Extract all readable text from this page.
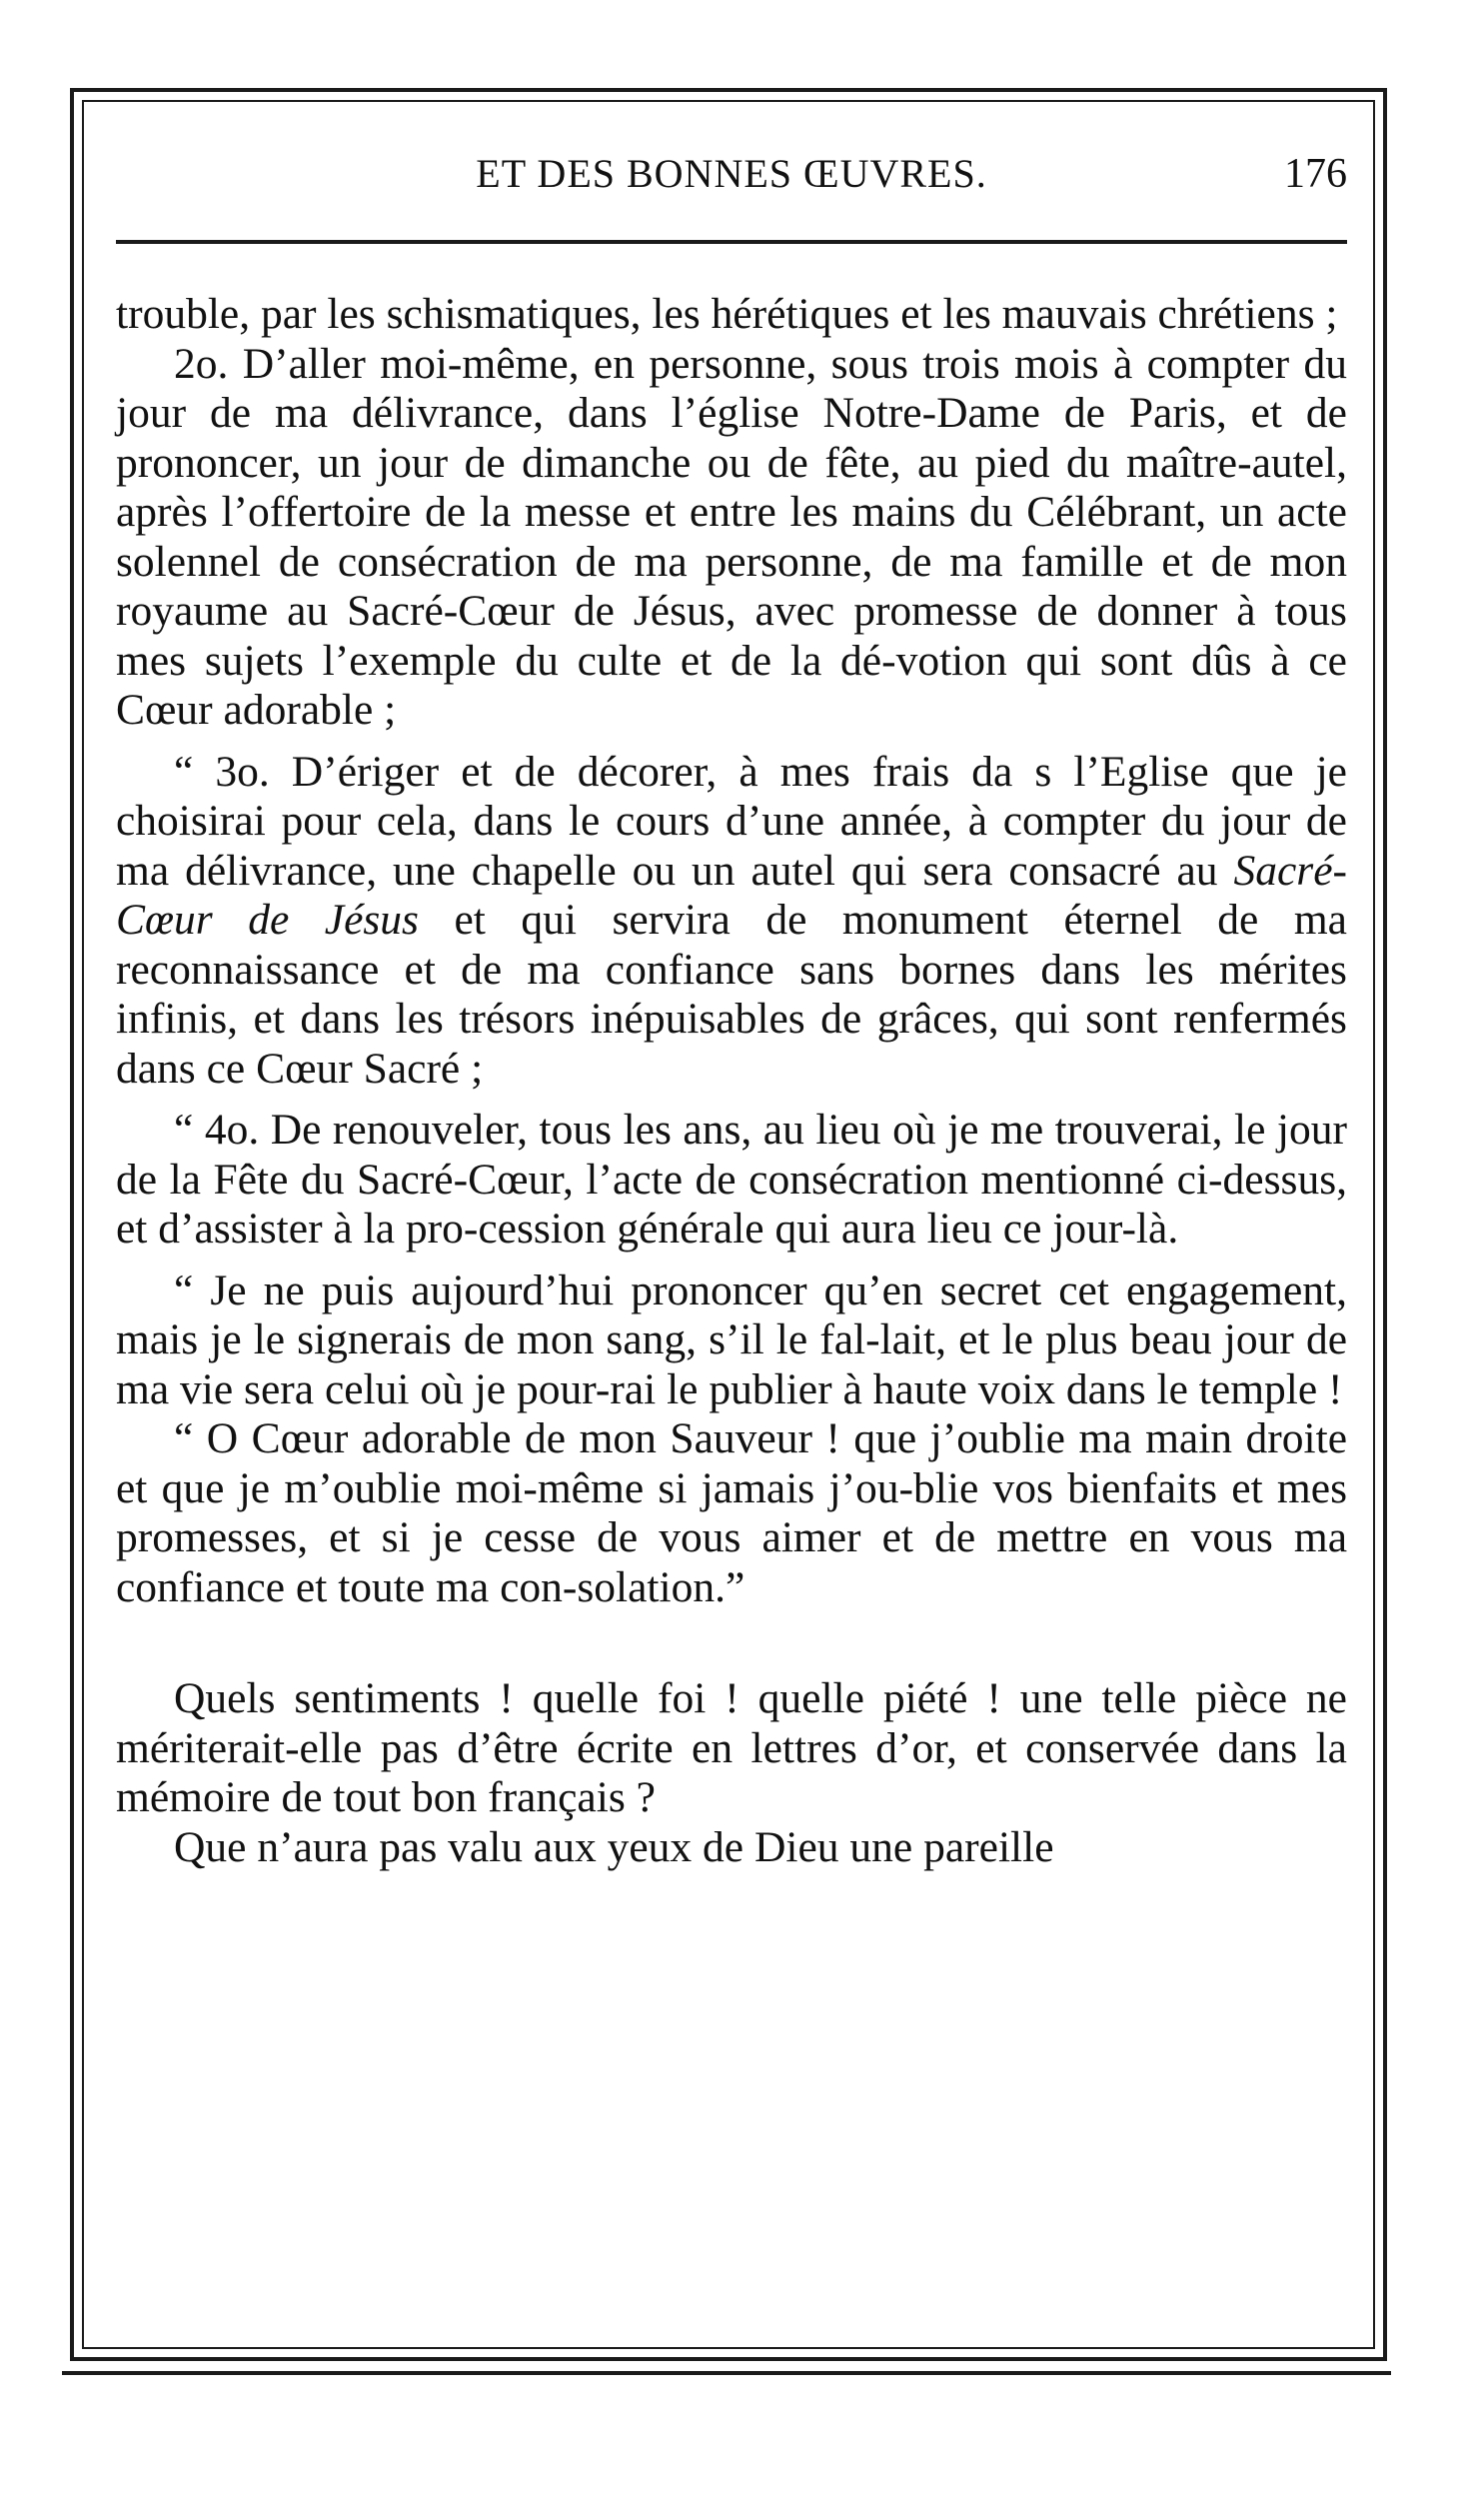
ET DES BONNES ŒUVRES.	176

trouble, par les schismatiques, les hérétiques et les mauvais chrétiens ;

2o. D’aller moi-même, en personne, sous trois mois à compter du jour de ma délivrance, dans l’église Notre-Dame de Paris, et de prononcer, un jour de dimanche ou de fête, au pied du maître-autel, après l’offertoire de la messe et entre les mains du Célébrant, un acte solennel de consécration de ma personne, de ma famille et de mon royaume au Sacré-Cœur de Jésus, avec promesse de donner à tous mes sujets l’exemple du culte et de la dé-votion qui sont dûs à ce Cœur adorable ;

“ 3o. D’ériger et de décorer, à mes frais da s l’Eglise que je choisirai pour cela, dans le cours d’une année, à compter du jour de ma délivrance, une chapelle ou un autel qui sera consacré au Sacré-Cœur de Jésus et qui servira de monument éternel de ma reconnaissance et de ma confiance sans bornes dans les mérites infinis, et dans les trésors inépuisables de grâces, qui sont renfermés dans ce Cœur Sacré ;

“ 4o. De renouveler, tous les ans, au lieu où je me trouverai, le jour de la Fête du Sacré-Cœur, l’acte de consécration mentionné ci-dessus, et d’assister à la pro-cession générale qui aura lieu ce jour-là.

“ Je ne puis aujourd’hui prononcer qu’en secret cet engagement, mais je le signerais de mon sang, s’il le fal-lait, et le plus beau jour de ma vie sera celui où je pour-rai le publier à haute voix dans le temple !

“ O Cœur adorable de mon Sauveur ! que j’oublie ma main droite et que je m’oublie moi-même si jamais j’ou-blie vos bienfaits et mes promesses, et si je cesse de vous aimer et de mettre en vous ma confiance et toute ma con-solation.”

Quels sentiments ! quelle foi ! quelle piété ! une telle pièce ne mériterait-elle pas d’être écrite en lettres d’or, et conservée dans la mémoire de tout bon français ?

Que n’aura pas valu aux yeux de Dieu une pareille
